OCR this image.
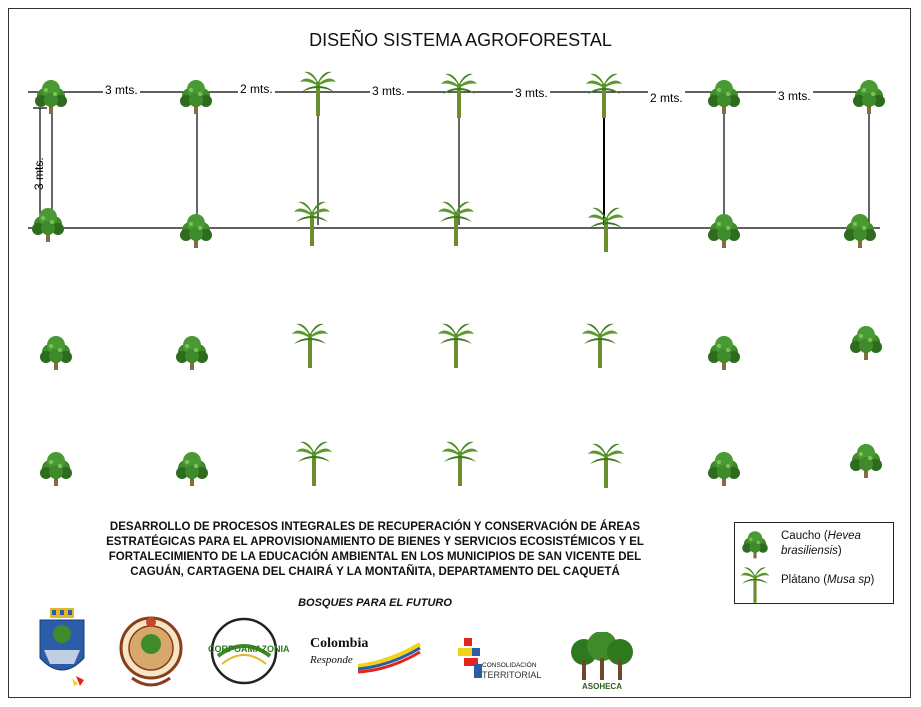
DISEÑO SISTEMA AGROFORESTAL
3 mts.	2 mts.	3 mts.	3 mts.	2 mts.	3 mts.
3 mts.
DESARROLLO DE PROCESOS INTEGRALES DE RECUPERACIÓN Y CONSERVACIÓN DE ÁREAS
ESTRATÉGICAS PARA EL APROVISIONAMIENTO DE BIENES Y SERVICIOS ECOSISTÉMICOS Y EL
FORTALECIMIENTO DE LA EDUCACIÓN AMBIENTAL EN LOS MUNICIPIOS DE SAN VICENTE DEL
CAGUÁN, CARTAGENA DEL CHAIRÁ Y LA MONTAÑITA, DEPARTAMENTO DEL CAQUETÁ
BOSQUES PARA EL FUTURO
Caucho (Hevea brasiliensis)
Plátano (Musa sp)
CORPOAMAZONIA Colombia
Responde	CONSOLIDACIÓN
TERRITORIAL
ASOHECA
